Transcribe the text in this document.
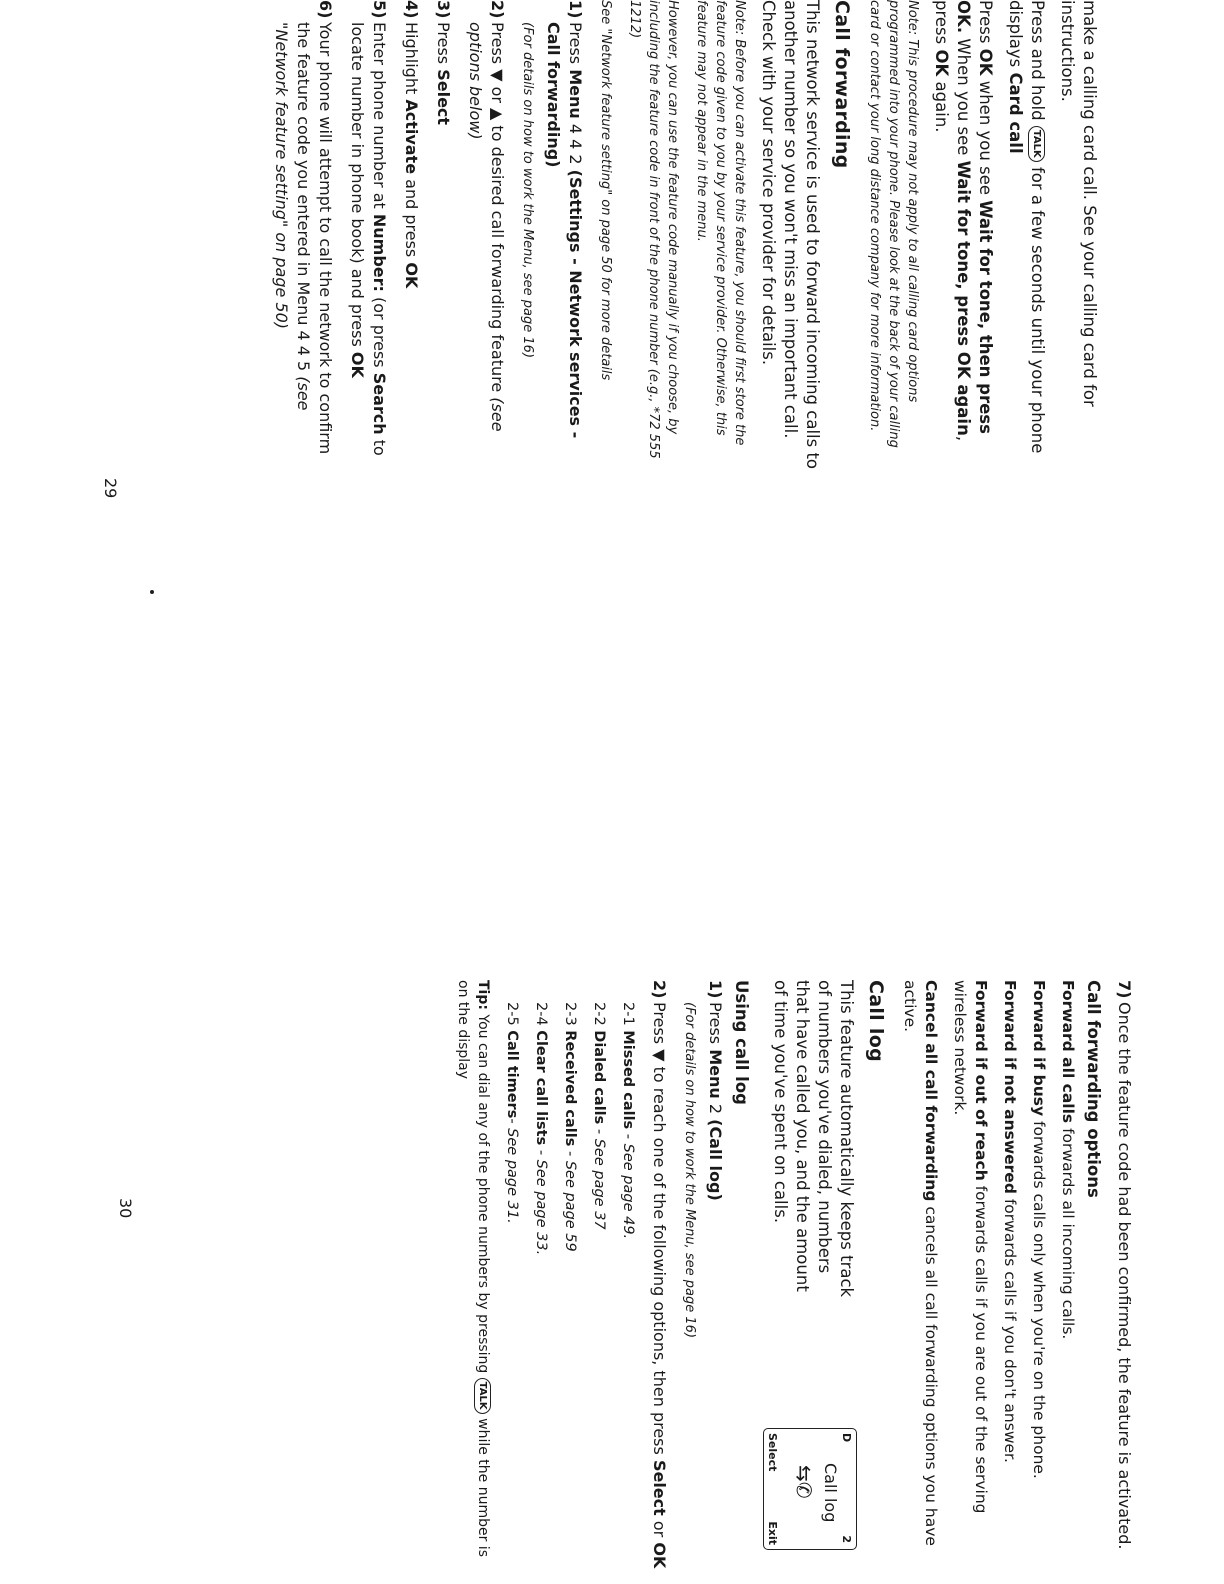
make a calling card call. See your calling card for instructions.

Press and hold TALK for a few seconds until your phone displays Card call

Press OK when you see Wait for tone, then press OK. When you see Wait for tone, press OK again, press OK again.

Note: This procedure may not apply to all calling card options programmed into your phone. Please look at the back of your calling card or contact your long distance company for more information.

Call forwarding

This network service is used to forward incoming calls to another number so you won't miss an important call. Check with your service provider for details.

Note: Before you can activate this feature, you should first store the feature code given to you by your service provider. Otherwise, this feature may not appear in the menu.

However, you can use the feature code manually if you choose, by including the feature code in front of the phone number (e.g., *72 555 1212)

See "Network feature setting" on page 50 for more details

1)
Press Menu 4 4 2 (Settings - Network services - Call forwarding)
(For details on how to work the Menu, see page 16)
2)
Press ▼ or ▲ to desired call forwarding feature (see options below)
3)
Press Select
4)
Highlight Activate and press OK
5)
Enter phone number at Number: (or press Search to locate number in phone book) and press OK
6)
Your phone will attempt to call the network to confirm the feature code you entered in Menu 4 4 5 (see "Network feature setting" on page 50)
29
7)
Once the feature code had been confirmed, the feature is activated.
Call forwarding options
Forward all calls forwards all incoming calls.
Forward if busy forwards calls only when you're on the phone.
Forward if not answered forwards calls if you don't answer.
Forward if out of reach forwards calls if you are out of the serving wireless network.
Cancel all call forwarding cancels all call forwarding options you have active.
Call log

This feature automatically keeps track of numbers you've dialed, numbers that have called you, and the amount of time you've spent on calls.

D
2
Call log
⇆✆
Select
Exit
Using call log
1)
Press Menu 2 (Call log)
(For details on how to work the Menu, see page 16)
2)
Press ▼ to reach one of the following options, then press Select or OK
2-1 Missed calls - See page 49.
2-2 Dialed calls - See page 37
2-3 Received calls - See page 59
2-4 Clear call lists - See page 33.
2-5 Call timers- See page 31.

Tip: You can dial any of the phone numbers by pressing TALK while the number is on the display

30
